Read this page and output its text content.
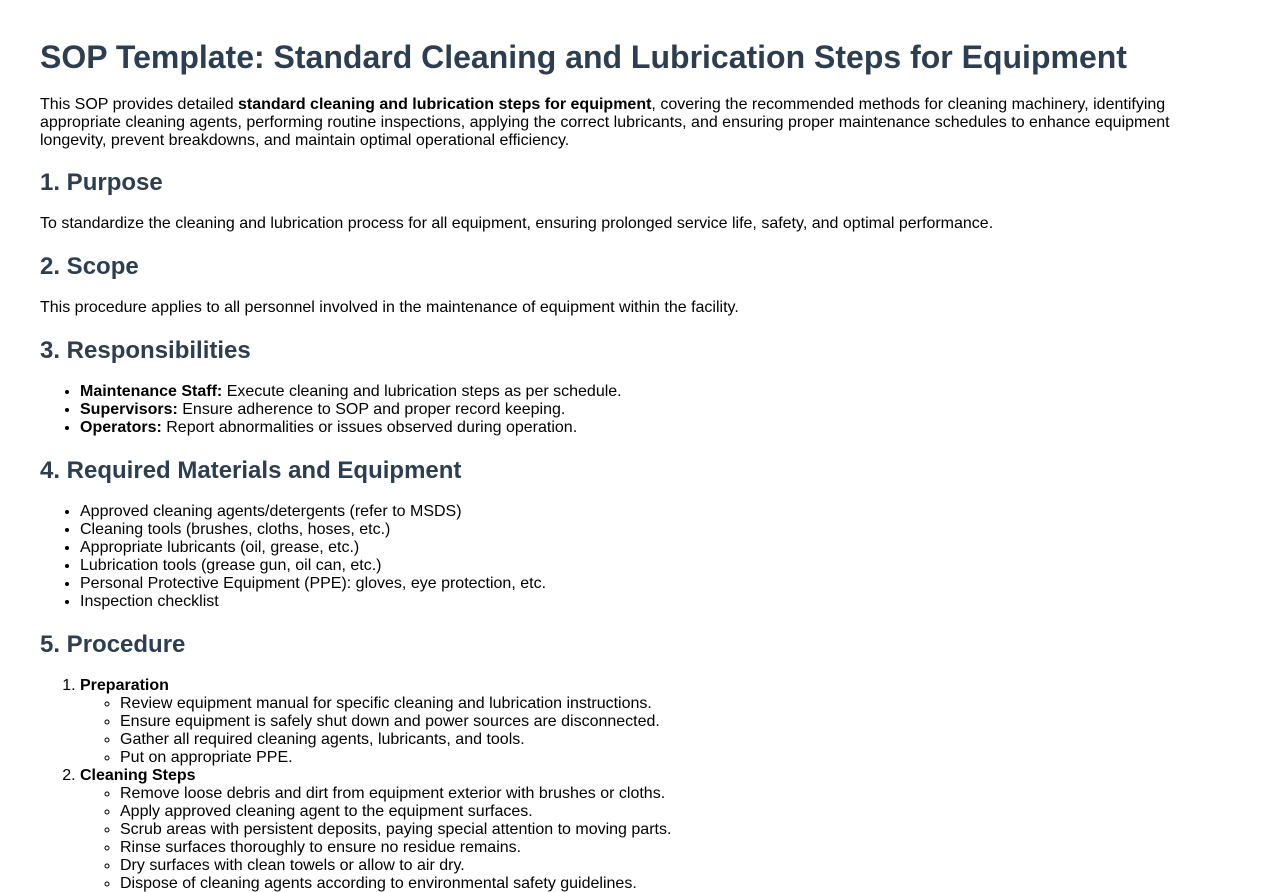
SOP Template: Standard Cleaning and Lubrication Steps for Equipment

This SOP provides detailed standard cleaning and lubrication steps for equipment, covering the recommended methods for cleaning machinery, identifying appropriate cleaning agents, performing routine inspections, applying the correct lubricants, and ensuring proper maintenance schedules to enhance equipment longevity, prevent breakdowns, and maintain optimal operational efficiency.

1. Purpose

To standardize the cleaning and lubrication process for all equipment, ensuring prolonged service life, safety, and optimal performance.

2. Scope

This procedure applies to all personnel involved in the maintenance of equipment within the facility.

3. Responsibilities
• Maintenance Staff: Execute cleaning and lubrication steps as per schedule.
• Supervisors: Ensure adherence to SOP and proper record keeping.
• Operators: Report abnormalities or issues observed during operation.
4. Required Materials and Equipment
• Approved cleaning agents/detergents (refer to MSDS)
• Cleaning tools (brushes, cloths, hoses, etc.)
• Appropriate lubricants (oil, grease, etc.)
• Lubrication tools (grease gun, oil can, etc.)
• Personal Protective Equipment (PPE): gloves, eye protection, etc.
• Inspection checklist
5. Procedure
1. Preparation
◦ Review equipment manual for specific cleaning and lubrication instructions.
◦ Ensure equipment is safely shut down and power sources are disconnected.
◦ Gather all required cleaning agents, lubricants, and tools.
◦ Put on appropriate PPE.
2. Cleaning Steps
◦ Remove loose debris and dirt from equipment exterior with brushes or cloths.
◦ Apply approved cleaning agent to the equipment surfaces.
◦ Scrub areas with persistent deposits, paying special attention to moving parts.
◦ Rinse surfaces thoroughly to ensure no residue remains.
◦ Dry surfaces with clean towels or allow to air dry.
◦ Dispose of cleaning agents according to environmental safety guidelines.
